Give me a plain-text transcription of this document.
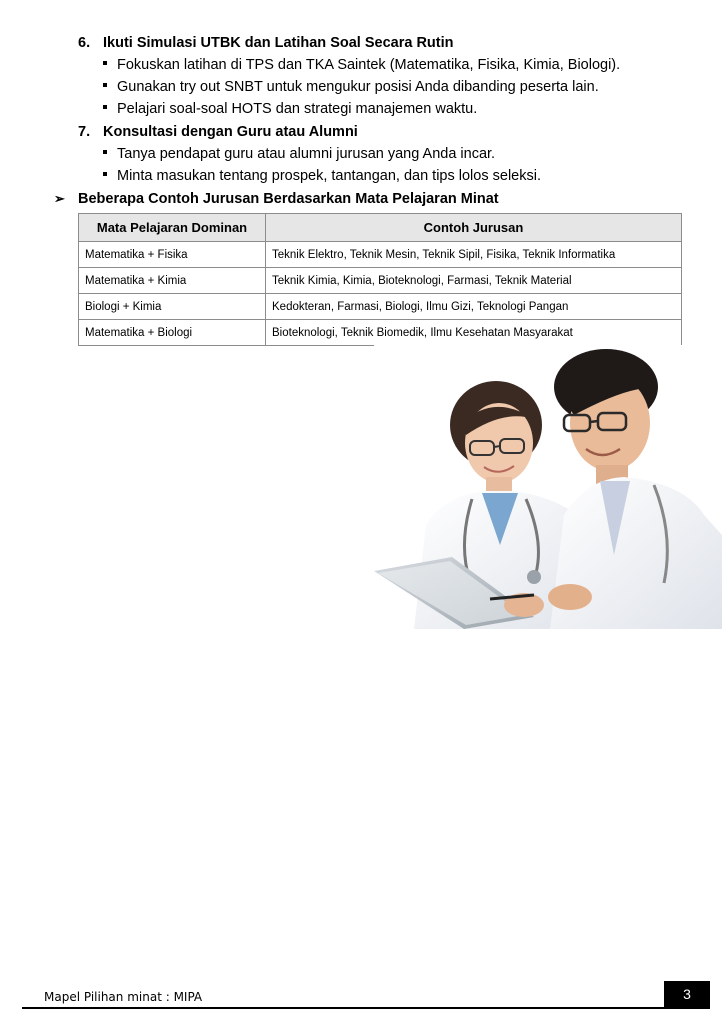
6. Ikuti Simulasi UTBK dan Latihan Soal Secara Rutin
Fokuskan latihan di TPS dan TKA Saintek (Matematika, Fisika, Kimia, Biologi).
Gunakan try out SNBT untuk mengukur posisi Anda dibanding peserta lain.
Pelajari soal-soal HOTS dan strategi manajemen waktu.
7. Konsultasi dengan Guru atau Alumni
Tanya pendapat guru atau alumni jurusan yang Anda incar.
Minta masukan tentang prospek, tantangan, dan tips lolos seleksi.
➢ Beberapa Contoh Jurusan Berdasarkan Mata Pelajaran Minat
Mata Pelajaran Dominan	Contoh Jurusan
Matematika + Fisika	Teknik Elektro, Teknik Mesin, Teknik Sipil, Fisika, Teknik Informatika
Matematika + Kimia	Teknik Kimia, Kimia, Bioteknologi, Farmasi, Teknik Material
Biologi + Kimia	Kedokteran, Farmasi, Biologi, Ilmu Gizi, Teknologi Pangan
Matematika + Biologi	Bioteknologi, Teknik Biomedik, Ilmu Kesehatan Masyarakat
Mapel Pilihan minat : MIPA	3
